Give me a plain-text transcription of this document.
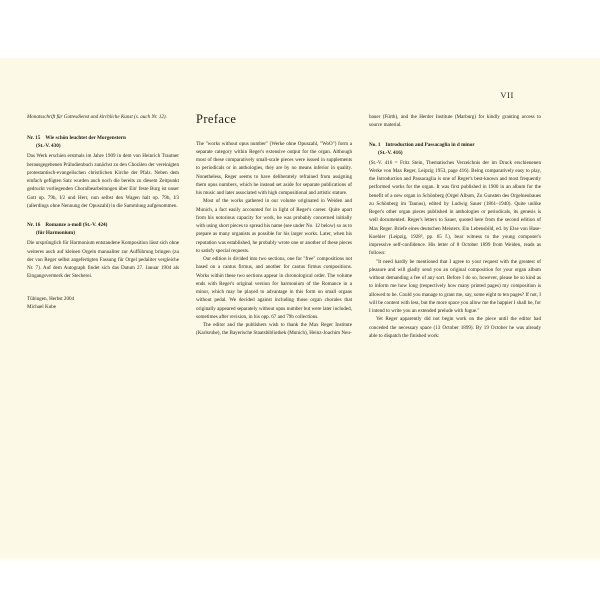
VII
Monatsschrift für Gottesdienst und kirchliche Kunst (s. auch Nr. 12).
Nr. 15 Wie schön leuchtet der Morgenstern
(St.-V. 430)

Das Werk erschien erstmals im Jahre 1909 in dem von Heinrich Trautner herausgegebenen Präludienbuch zunächst zu den Chorälen der vereinigten protestantisch-evangelischen christlichen Kirche der Pfalz. Neben dem einfach gefügten Satz wurden auch noch die bereits zu diesem Zeitpunkt gedruckt vorliegenden Choralbearbeitungen über Ein' feste Burg ist unser Gott op. 79b, I/2 und Herr, nun selbst den Wagen halt op. 79b, I/3 (allerdings ohne Nennung der Opuszahl) in die Sammlung aufgenommen.

Nr. 16 Romanze a-moll (St.-V. 424)
(für Harmonium)

Die ursprünglich für Harmonium entstandene Komposition lässt sich ohne weiteres auch auf kleinen Orgeln manualiter zur Aufführung bringen (zu der von Reger selbst angefertigten Fassung für Orgel pedaliter vergleiche Nr. 7). Auf dem Autograph findet sich das Datum 27. Januar 1904 als Eingangsvermerk der Stecherei.

Tübingen, Herbst 2004
Michael Kube
Preface

The "works without opus number" (Werke ohne Opuszahl, "WoO") form a separate category within Reger's extensive output for the organ. Although most of these comparatively small-scale pieces were issued in supplements to periodicals or in anthologies, they are by no means inferior in quality. Nonetheless, Reger seems to have deliberately refrained from assigning them opus numbers, which he instead set aside for separate publications of his music and later associated with high compositional and artistic stature.

Most of the works gathered in our volume originated in Weiden and Munich, a fact easily accounted for in light of Reger's career. Quite apart from his notorious capacity for work, he was probably concerned initially with using short pieces to spread his name (see under No. 12 below) so as to prepare as many organists as possible for his larger works. Later, when his reputation was established, he probably wrote one or another of these pieces to satisfy special requests.

Our edition is divided into two sections, one for "free" compositions not based on a cantus firmus, and another for cantus firmus compositions. Works within these two sections appear in chronological order. The volume ends with Reger's original version for harmonium of the Romance in a minor, which may be played to advantage in this form on small organs without pedal. We decided against including those organ chorales that originally appeared separately without opus number but were later included, sometimes after revision, in his opp. 67 and 79b collections.

The editor and the publishers wish to thank the Max Reger Institute (Karlsruhe), the Bayerische Staatsbibliothek (Munich), Heinz-Joachim Neu-

bauer (Fürth), and the Herder Institute (Marburg) for kindly granting access to source material.

No. 1 Introduction and Passacaglia in d minor
(St.-V. 416)

(St.-V. 416 = Fritz Stein, Thematisches Verzeichnis der im Druck erschienenen Werke von Max Reger, Leipzig 1953, page 416). Being comparatively easy to play, the Introduction and Passacaglia is one of Reger's best-known and most frequently performed works for the organ. It was first published in 1900 in an album for the benefit of a new organ in Schönberg (Orgel Album, Zu Gunsten des Orgelneubaues zu Schönberg im Taunus), edited by Ludwig Sauer (1861–1940). Quite unlike Reger's other organ pieces published in anthologies or periodicals, its genesis is well documented. Reger's letters to Sauer, quoted here from the second edition of Max Reger. Briefe eines deutschen Meisters. Ein Lebensbild, ed. by Else von Hase-Koehler (Leipzig, 1928², pp. 65 f.), bear witness to the young composer's impressive self-confidence. His letter of 8 October 1899 from Weiden, reads as follows:

"It need hardly be mentioned that I agree to your request with the greatest of pleasure and will gladly send you an original composition for your organ album without demanding a fee of any sort. Before I do so, however, please be so kind as to inform me how long (respectively how many printed pages) my composition is allowed to be. Could you manage to grant me, say, some eight to ten pages? If not, I will be content with less, but the more space you allow me the happier I shall be, for I intend to write you an extended prelude with fugue."

Yet Reger apparently did not begin work on the piece until the editor had conceded the necessary space (13 October 1899). By 19 October he was already able to dispatch the finished work:
